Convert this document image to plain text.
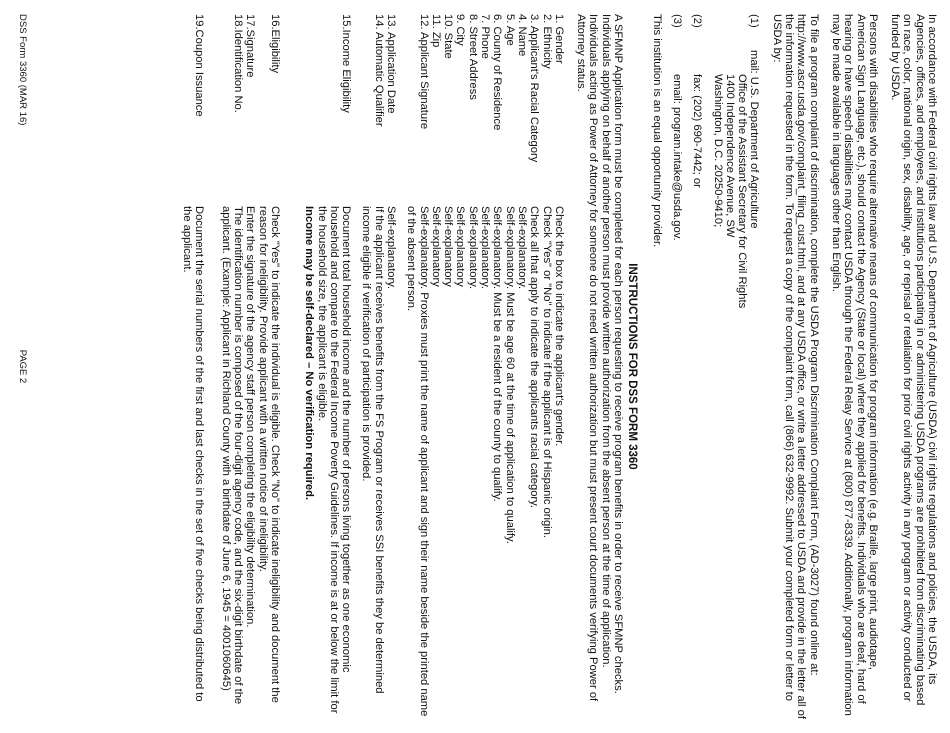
In accordance with Federal civil rights law and U.S. Department of Agriculture (USDA) civil rights regulations and policies, the USDA, its Agencies, offices, and employees, and institutions participating in or administering USDA programs are prohibited from discriminating based on race, color, national origin, sex, disability, age, or reprisal or retaliation for prior civil rights activity in any program or activity conducted or funded by USDA.

Persons with disabilities who require alternative means of communication for program information (e.g. Braille, large print, audiotape, American Sign Language, etc.), should contact the Agency (State or local) where they applied for benefits. Individuals who are deaf, hard of hearing or have speech disabilities may contact USDA through the Federal Relay Service at (800) 877-8339. Additionally, program information may be made available in languages other than English.

To file a program complaint of discrimination, complete the USDA Program Discrimination Complaint Form, (AD-3027) found online at: http://www.ascr.usda.gov/complaint_filing_cust.html, and at any USDA office, or write a letter addressed to USDA and provide in the letter all of the information requested in the form. To request a copy of the complaint form, call (866) 632-9992. Submit your completed form or letter to USDA by:

(1)
mail: U.S. Department of Agriculture
Office of the Assistant Secretary for Civil Rights
1400 Independence Avenue, SW
Washington, D.C. 20250-9410;
(2)
fax: (202) 690-7442; or
(3)
email: program.intake@usda.gov.

This institution is an equal opportunity provider.

INSTRUCTIONS FOR DSS FORM 3360

A SFMNP Application form must be completed for each person requesting to receive program benefits in order to receive SFMNP checks. Individuals applying on behalf of another person must provide written authorization from the absent person at the time of application. Individuals acting as Power of Attorney for someone do not need written authorization but must present court documents verifying Power of Attorney status.

1. Gender
Check the box to indicate the applicant's gender.
2. Ethnicity
Check "Yes" or "No" to indicate if the applicant is of Hispanic origin.
3. Applicant's Racial Category
Check all that apply to indicate the applicants racial category.
4. Name
Self-explanatory.
5. Age
Self-explanatory. Must be age 60 at the time of application to qualify.
6. County of Residence
Self-explanatory. Must be a resident of the county to qualify.
7. Phone
Self-explanatory.
8. Street Address
Self-explanatory.
9. City
Self-explanatory
10. State
Self-explanatory
11. Zip
Self-explanatory
12. Applicant Signature
Self-explanatory. Proxies must print the name of applicant and sign their name beside the printed name of the absent person.
13. Application Date
Self-explanatory.
14. Automatic Qualifier
If the applicant receives benefits from the FS Program or receives SSI benefits they be determined income eligible if verification of participation is provided.
15.Income Eligibility
Document total household income and the number of persons living together as one economic household and compare to the Federal Income Poverty Guidelines. If income is at or below the limit for the household size, the applicant is eligible.
Income may be self-declared – No verification required.
16.Eligibility
Check "Yes" to indicate the individual is eligible. Check "No" to indicate ineligibility and document the reason for ineligibility. Provide applicant with a written notice of ineligibility.
17.Signature
Enter the signature of the agency staff person completing the eligibility determination.
18.Identification No.
The identification number is composed of the four-digit agency code, and the six-digit birthdate of the applicant. (Example: Applicant in Richland County with a birthdate of June 6, 1945 = 400106064​5)
19.Coupon Issuance
Document the serial numbers of the first and last checks in the set of five checks being distributed to the applicant.
DSS Form 3360 (MAR 16)
PAGE 2
